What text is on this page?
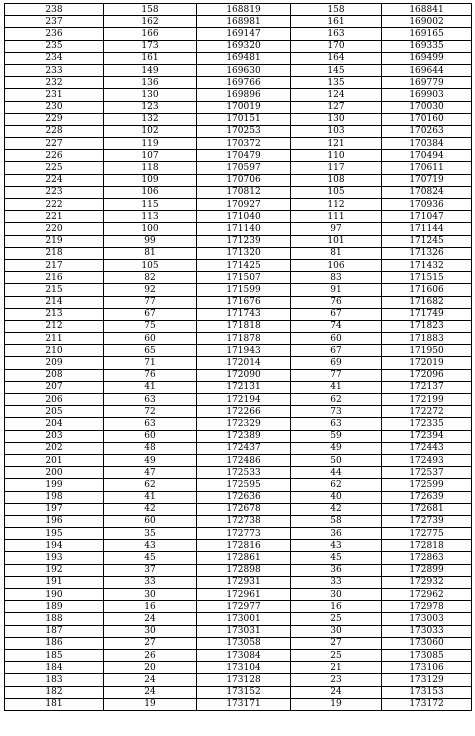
238	158	168819	158	168841
237	162	168981	161	169002
236	166	169147	163	169165
235	173	169320	170	169335
234	161	169481	164	169499
233	149	169630	145	169644
232	136	169766	135	169779
231	130	169896	124	169903
230	123	170019	127	170030
229	132	170151	130	170160
228	102	170253	103	170263
227	119	170372	121	170384
226	107	170479	110	170494
225	118	170597	117	170611
224	109	170706	108	170719
223	106	170812	105	170824
222	115	170927	112	170936
221	113	171040	111	171047
220	100	171140	97	171144
219	99	171239	101	171245
218	81	171320	81	171326
217	105	171425	106	171432
216	82	171507	83	171515
215	92	171599	91	171606
214	77	171676	76	171682
213	67	171743	67	171749
212	75	171818	74	171823
211	60	171878	60	171883
210	65	171943	67	171950
209	71	172014	69	172019
208	76	172090	77	172096
207	41	172131	41	172137
206	63	172194	62	172199
205	72	172266	73	172272
204	63	172329	63	172335
203	60	172389	59	172394
202	48	172437	49	172443
201	49	172486	50	172493
200	47	172533	44	172537
199	62	172595	62	172599
198	41	172636	40	172639
197	42	172678	42	172681
196	60	172738	58	172739
195	35	172773	36	172775
194	43	172816	43	172818
193	45	172861	45	172863
192	37	172898	36	172899
191	33	172931	33	172932
190	30	172961	30	172962
189	16	172977	16	172978
188	24	173001	25	173003
187	30	173031	30	173033
186	27	173058	27	173060
185	26	173084	25	173085
184	20	173104	21	173106
183	24	173128	23	173129
182	24	173152	24	173153
181	19	173171	19	173172
